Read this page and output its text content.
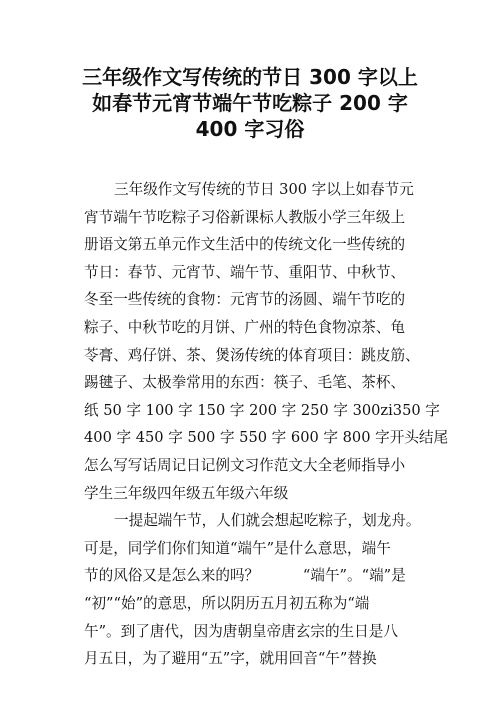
三年级作文写传统的节日 300 字以上
如春节元宵节端午节吃粽子 200 字
400 字习俗
三年级作文写传统的节日 300 字以上如春节元
宵节端午节吃粽子习俗新课标人教版小学三年级上
册语文第五单元作文生活中的传统文化一些传统的
节日：春节、元宵节、端午节、重阳节、中秋节、
冬至一些传统的食物：元宵节的汤圆、端午节吃的
粽子、中秋节吃的月饼、广州的特色食物凉茶、龟
苓膏、鸡仔饼、茶、煲汤传统的体育项目：跳皮筋、
踢毽子、太极拳常用的东西：筷子、毛笔、茶杯、
纸 50 字 100 字 150 字 200 字 250 字 300zi350 字
400 字 450 字 500 字 550 字 600 字 800 字开头结尾
怎么写写话周记日记例文习作范文大全老师指导小
学生三年级四年级五年级六年级
一提起端午节，人们就会想起吃粽子，划龙舟。
可是，同学们你们知道“端午”是什么意思，端午
节的风俗又是怎么来的吗？　　　“端午”。“端”是
“初”“始”的意思，所以阴历五月初五称为“端
午”。到了唐代，因为唐朝皇帝唐玄宗的生日是八
月五日，为了避用“五”字，就用回音“午”替换
